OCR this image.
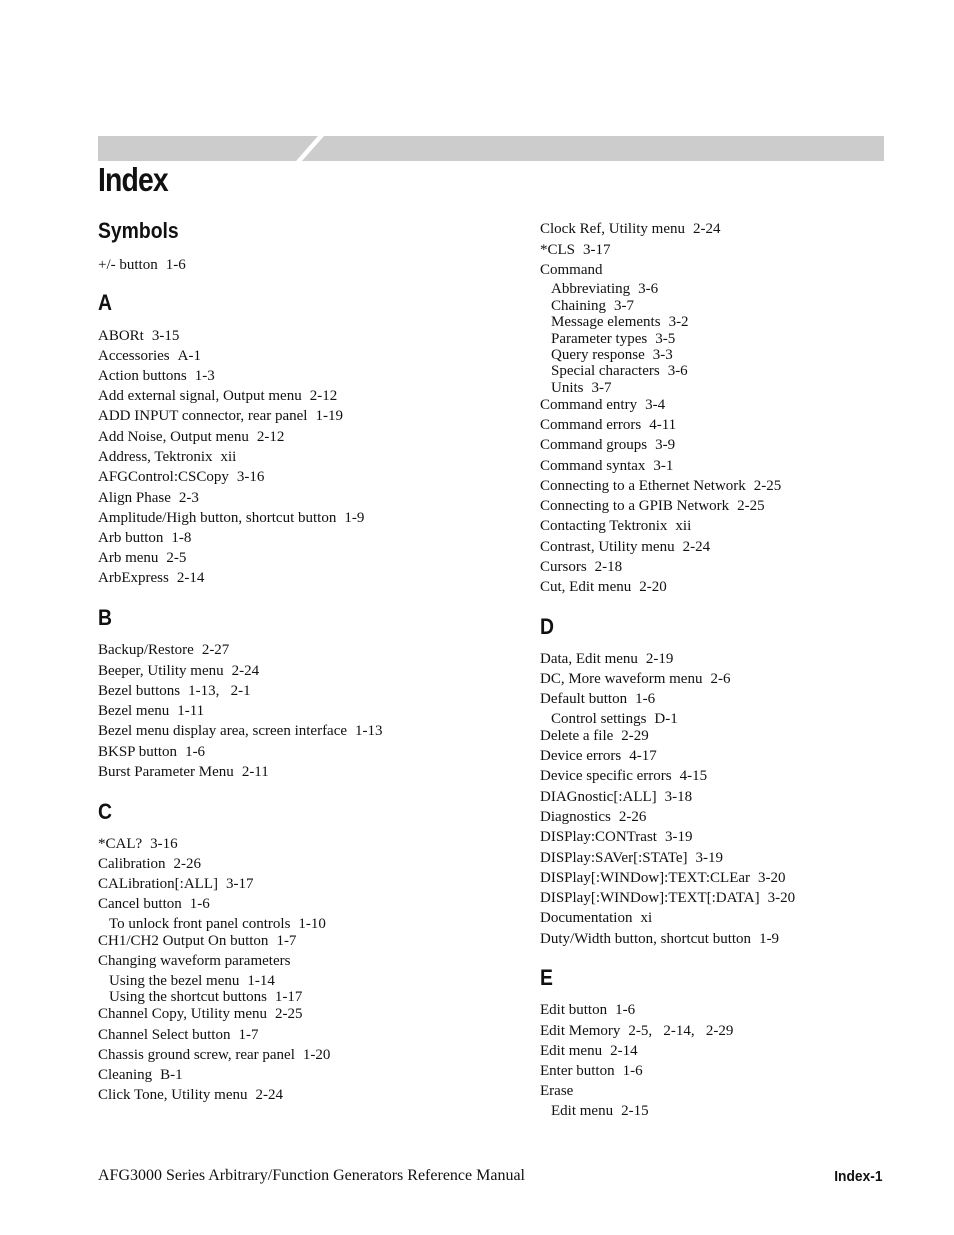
Index
Symbols
+/- button 1-6
A
ABORt 3-15
Accessories A-1
Action buttons 1-3
Add external signal, Output menu 2-12
ADD INPUT connector, rear panel 1-19
Add Noise, Output menu 2-12
Address, Tektronix xii
AFGControl:CSCopy 3-16
Align Phase 2-3
Amplitude/High button, shortcut button 1-9
Arb button 1-8
Arb menu 2-5
ArbExpress 2-14
B
Backup/Restore 2-27
Beeper, Utility menu 2-24
Bezel buttons 1-13,   2-1
Bezel menu 1-11
Bezel menu display area, screen interface 1-13
BKSP button 1-6
Burst Parameter Menu 2-11
C
*CAL? 3-16
Calibration 2-26
CALibration[:ALL] 3-17
Cancel button 1-6
To unlock front panel controls 1-10
CH1/CH2 Output On button 1-7
Changing waveform parameters
Using the bezel menu 1-14
Using the shortcut buttons 1-17
Channel Copy, Utility menu 2-25
Channel Select button 1-7
Chassis ground screw, rear panel 1-20
Cleaning B-1
Click Tone, Utility menu 2-24
Clock Ref, Utility menu 2-24
*CLS 3-17
Command
Abbreviating 3-6
Chaining 3-7
Message elements 3-2
Parameter types 3-5
Query response 3-3
Special characters 3-6
Units 3-7
Command entry 3-4
Command errors 4-11
Command groups 3-9
Command syntax 3-1
Connecting to a Ethernet Network 2-25
Connecting to a GPIB Network 2-25
Contacting Tektronix xii
Contrast, Utility menu 2-24
Cursors 2-18
Cut, Edit menu 2-20
D
Data, Edit menu 2-19
DC, More waveform menu 2-6
Default button 1-6
Control settings D-1
Delete a file 2-29
Device errors 4-17
Device specific errors 4-15
DIAGnostic[:ALL] 3-18
Diagnostics 2-26
DISPlay:CONTrast 3-19
DISPlay:SAVer[:STATe] 3-19
DISPlay[:WINDow]:TEXT:CLEar 3-20
DISPlay[:WINDow]:TEXT[:DATA] 3-20
Documentation xi
Duty/Width button, shortcut button 1-9
E
Edit button 1-6
Edit Memory 2-5,   2-14,   2-29
Edit menu 2-14
Enter button 1-6
Erase
Edit menu 2-15
AFG3000 Series Arbitrary/Function Generators Reference Manual	Index-1
